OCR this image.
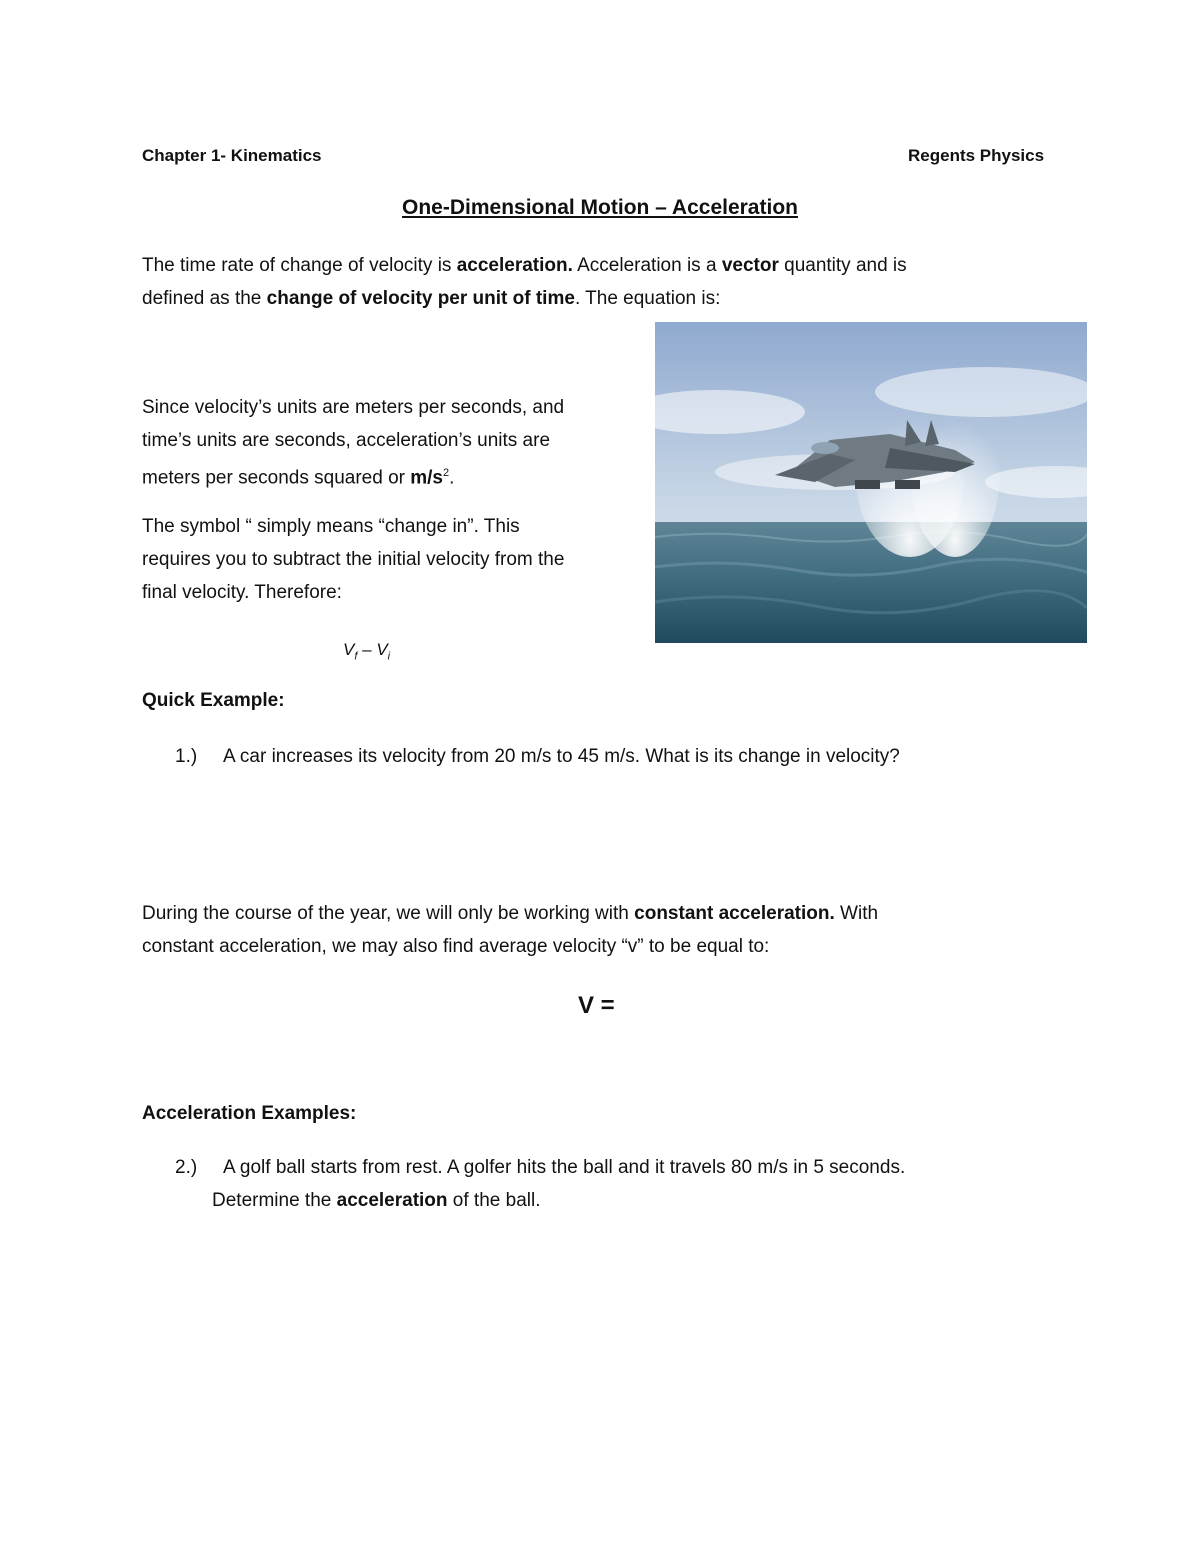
Chapter 1- Kinematics	Regents Physics
One-Dimensional Motion – Acceleration
The time rate of change of velocity is acceleration. Acceleration is a vector quantity and is
defined as the change of velocity per unit of time. The equation is:
Since velocity’s units are meters per seconds, and
time’s units are seconds, acceleration’s units are
meters per seconds squared or $m/s^2$.
The symbol “ simply means “change in”. This
requires you to subtract the initial velocity from the
final velocity. Therefore:
$V_f - V_i$
Quick Example:
1.) A car increases its velocity from 20 m/s to 45 m/s. What is its change in velocity?
During the course of the year, we will only be working with constant acceleration. With
constant acceleration, we may also find average velocity “v” to be equal to:
V =
Acceleration Examples:
2.) A golf ball starts from rest. A golfer hits the ball and it travels 80 m/s in 5 seconds.
Determine the acceleration of the ball.
